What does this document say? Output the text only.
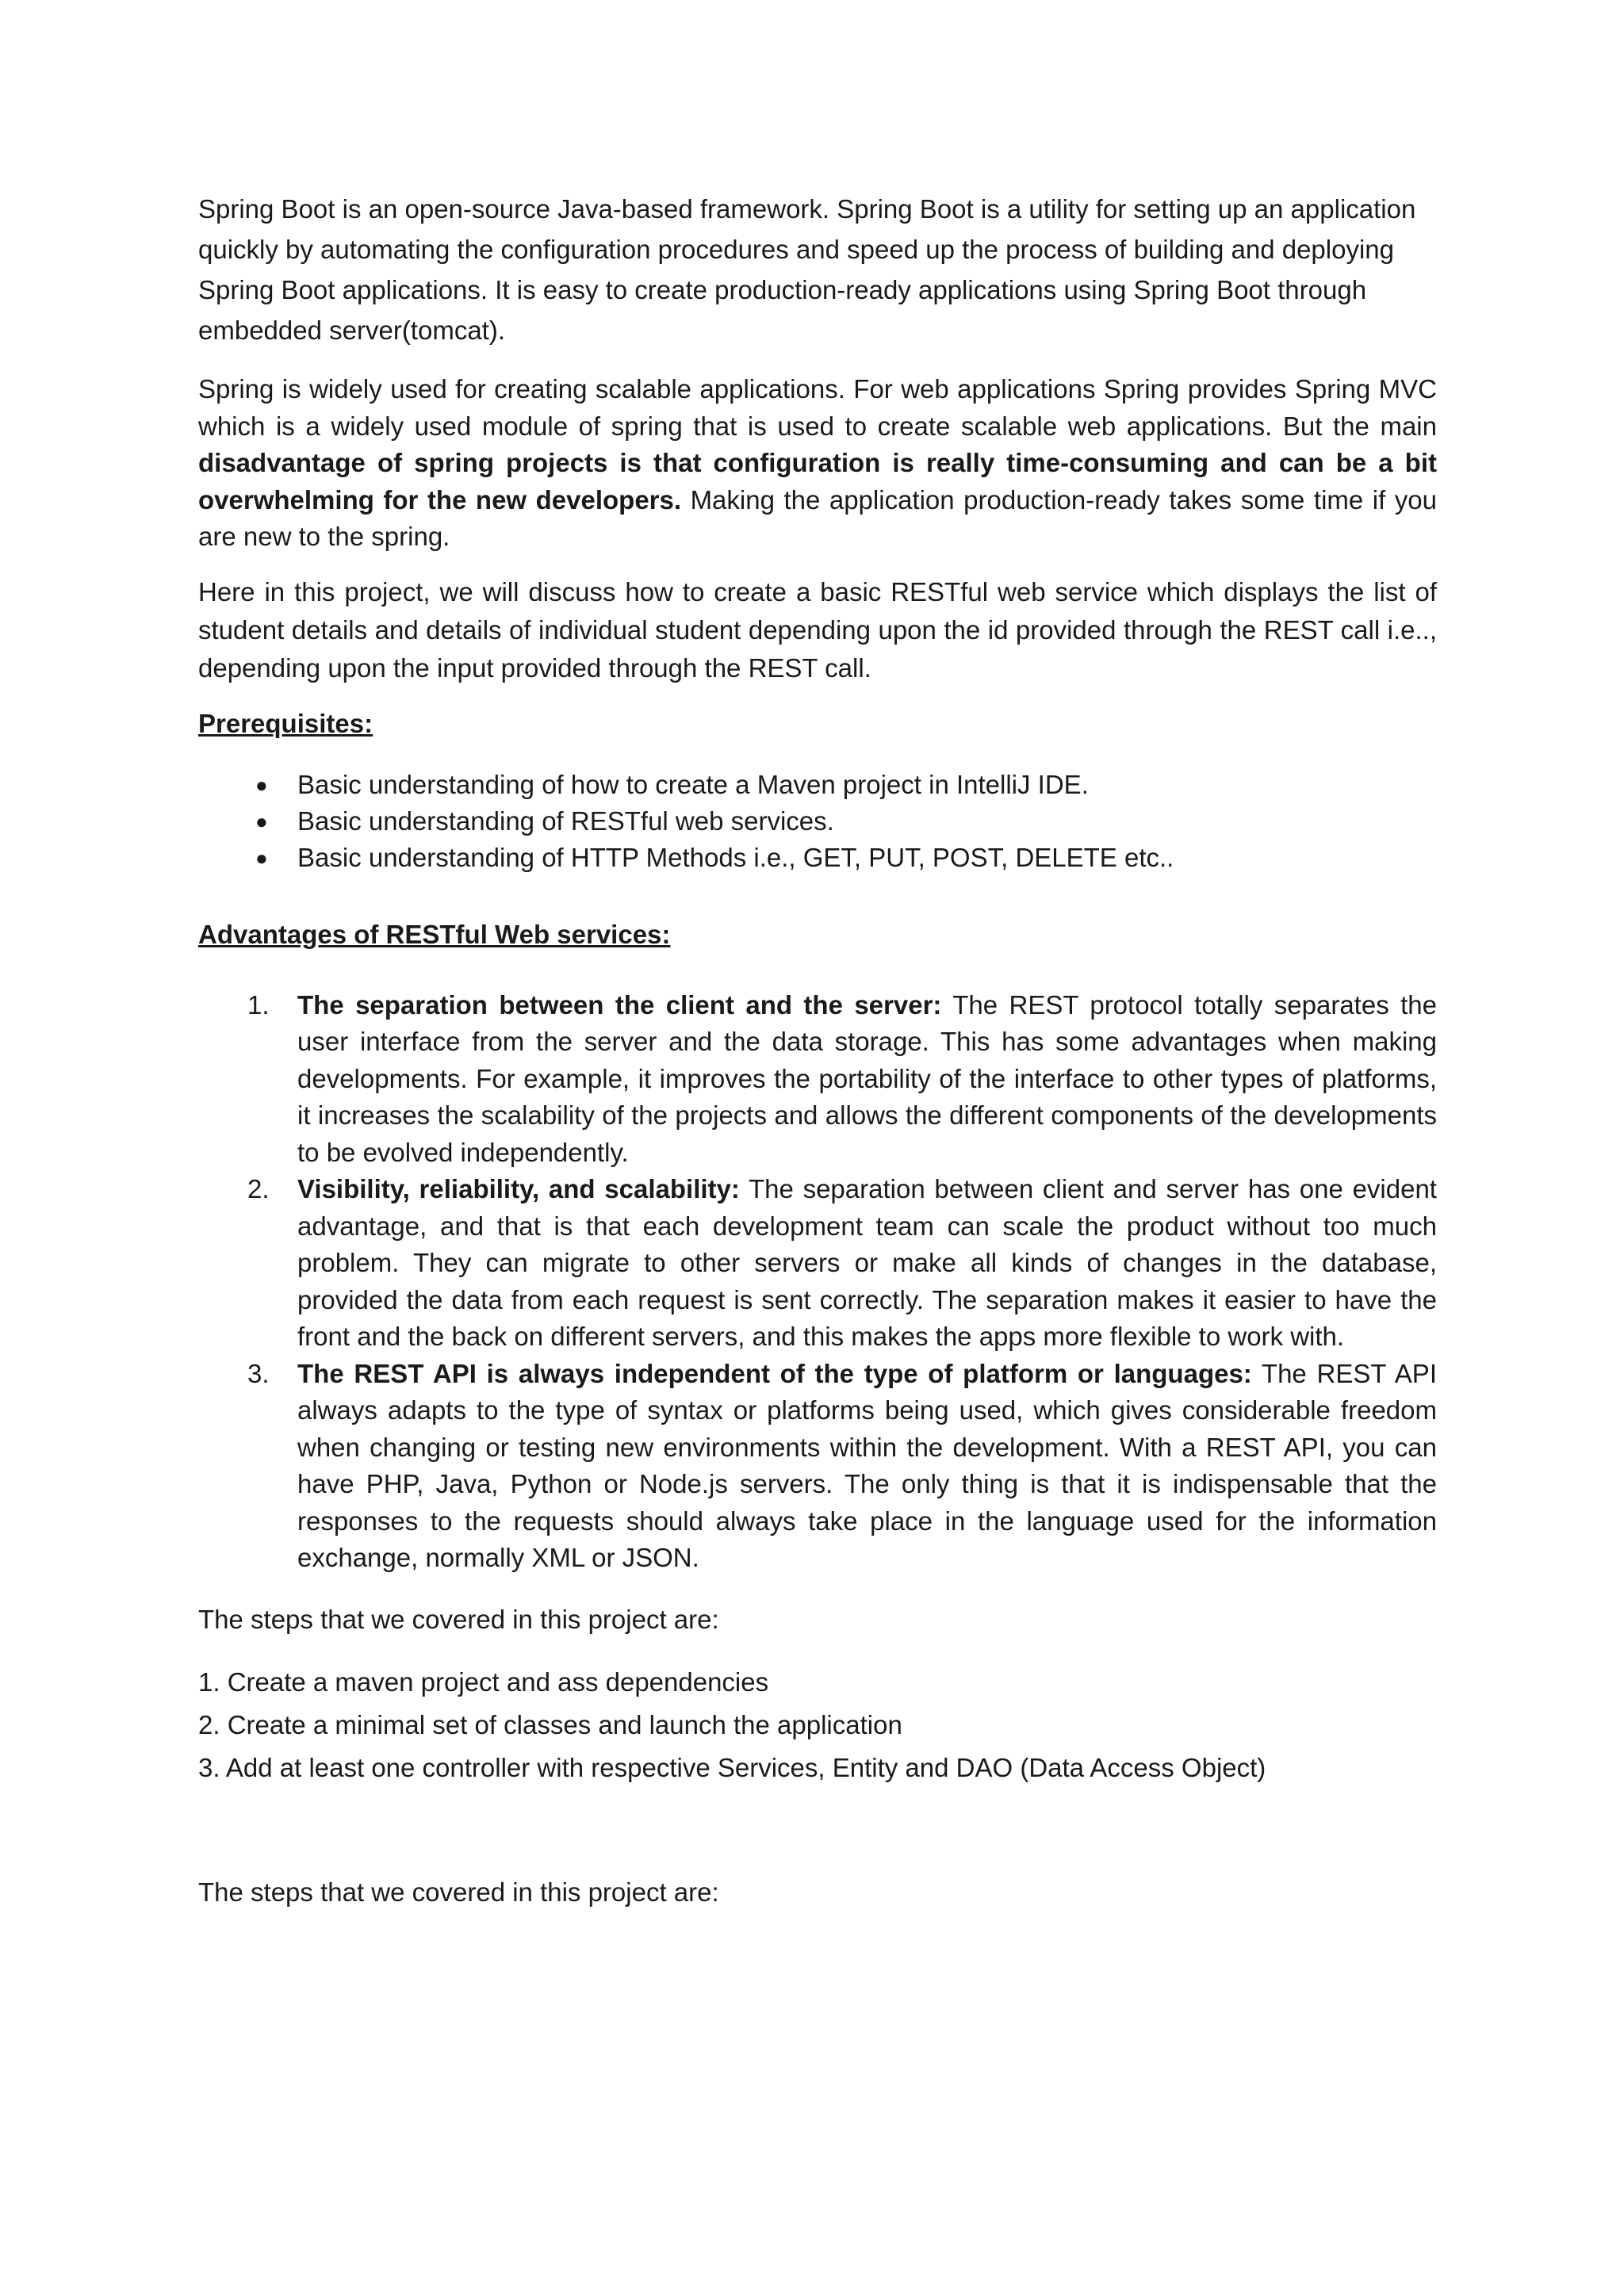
Spring Boot is an open-source Java-based framework. Spring Boot is a utility for setting up an application quickly by automating the configuration procedures and speed up the process of building and deploying Spring Boot applications. It is easy to create production-ready applications using Spring Boot through embedded server(tomcat).

Spring is widely used for creating scalable applications. For web applications Spring provides Spring MVC which is a widely used module of spring that is used to create scalable web applications. But the main disadvantage of spring projects is that configuration is really time-consuming and can be a bit overwhelming for the new developers. Making the application production-ready takes some time if you are new to the spring.

Here in this project, we will discuss how to create a basic RESTful web service which displays the list of student details and details of individual student depending upon the id provided through the REST call i.e.., depending upon the input provided through the REST call.

Prerequisites:

● Basic understanding of how to create a Maven project in IntelliJ IDE.
● Basic understanding of RESTful web services.
● Basic understanding of HTTP Methods i.e., GET, PUT, POST, DELETE etc..

Advantages of RESTful Web services:

1. The separation between the client and the server: The REST protocol totally separates the user interface from the server and the data storage. This has some advantages when making developments. For example, it improves the portability of the interface to other types of platforms, it increases the scalability of the projects and allows the different components of the developments to be evolved independently.
2. Visibility, reliability, and scalability: The separation between client and server has one evident advantage, and that is that each development team can scale the product without too much problem. They can migrate to other servers or make all kinds of changes in the database, provided the data from each request is sent correctly. The separation makes it easier to have the front and the back on different servers, and this makes the apps more flexible to work with.
3. The REST API is always independent of the type of platform or languages: The REST API always adapts to the type of syntax or platforms being used, which gives considerable freedom when changing or testing new environments within the development. With a REST API, you can have PHP, Java, Python or Node.js servers. The only thing is that it is indispensable that the responses to the requests should always take place in the language used for the information exchange, normally XML or JSON.

The steps that we covered in this project are:

1. Create a maven project and ass dependencies

2. Create a minimal set of classes and launch the application

3. Add at least one controller with respective Services, Entity and DAO (Data Access Object)

The steps that we covered in this project are:
